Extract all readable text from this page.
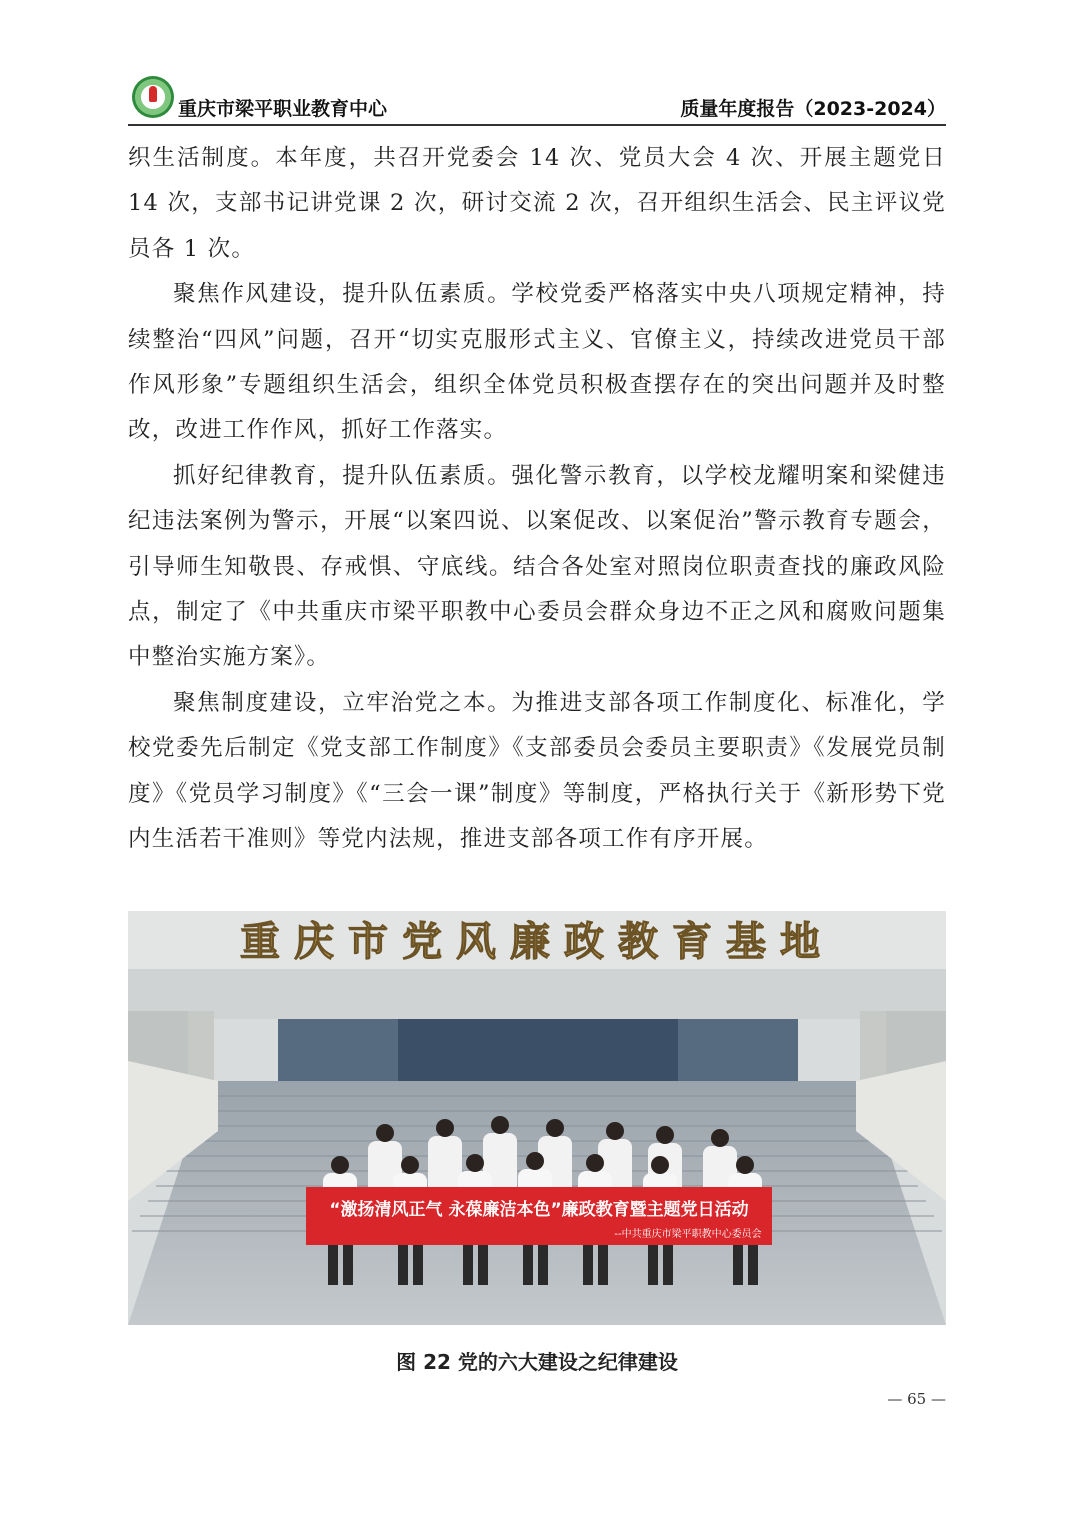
重庆市梁平职业教育中心	质量年度报告（2023-2024）

织生活制度。本年度，共召开党委会 14 次、党员大会 4 次、开展主题党日 14 次，支部书记讲党课 2 次，研讨交流 2 次，召开组织生活会、民主评议党员各 1 次。

聚焦作风建设，提升队伍素质。学校党委严格落实中央八项规定精神，持续整治“四风”问题，召开“切实克服形式主义、官僚主义，持续改进党员干部作风形象”专题组织生活会，组织全体党员积极查摆存在的突出问题并及时整改，改进工作作风，抓好工作落实。

抓好纪律教育，提升队伍素质。强化警示教育，以学校龙耀明案和梁健违纪违法案例为警示，开展“以案四说、以案促改、以案促治”警示教育专题会，引导师生知敬畏、存戒惧、守底线。结合各处室对照岗位职责查找的廉政风险点，制定了《中共重庆市梁平职教中心委员会群众身边不正之风和腐败问题集中整治实施方案》。

聚焦制度建设，立牢治党之本。为推进支部各项工作制度化、标准化，学校党委先后制定《党支部工作制度》《支部委员会委员主要职责》《发展党员制度》《党员学习制度》《“三会一课”制度》等制度，严格执行关于《新形势下党内生活若干准则》等党内法规，推进支部各项工作有序开展。

重庆市党风廉政教育基地
“激扬清风正气 永葆廉洁本色”廉政教育暨主题党日活动
--中共重庆市梁平职教中心委员会
图 22 党的六大建设之纪律建设
— 65 —
